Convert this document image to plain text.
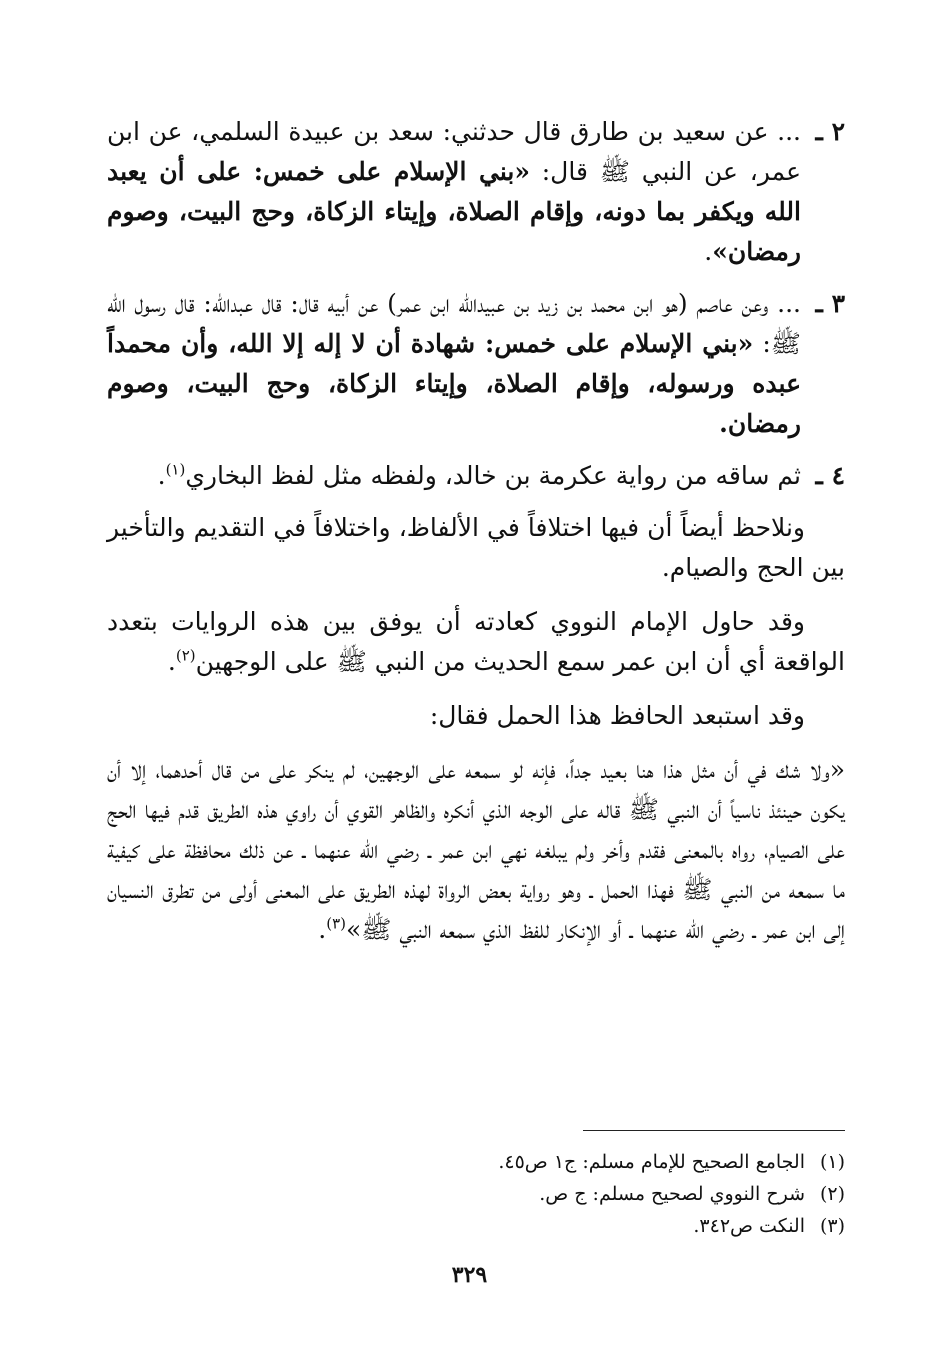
٢ ـ
... عن سعيد بن طارق قال حدثني: سعد بن عبيدة السلمي، عن ابن عمر، عن النبي ﷺ قال: «بني الإسلام على خمس: على أن يعبد الله ويكفر بما دونه، وإقام الصلاة، وإيتاء الزكاة، وحج البيت، وصوم رمضان».
٣ ـ
... وعن عاصم (هو ابن محمد بن زيد بن عبيدالله ابن عمر) عن أبيه قال: قال عبدالله: قال رسول الله ﷺ: «بني الإسلام على خمس: شهادة أن لا إله إلا الله، وأن محمداً عبده ورسوله، وإقام الصلاة، وإيتاء الزكاة، وحج البيت، وصوم رمضان.
٤ ـ
ثم ساقه من رواية عكرمة بن خالد، ولفظه مثل لفظ البخاري$^{(١)}$.

ونلاحظ أيضاً أن فيها اختلافاً في الألفاظ، واختلافاً في التقديم والتأخير بين الحج والصيام.

وقد حاول الإمام النووي كعادته أن يوفق بين هذه الروايات بتعدد الواقعة أي أن ابن عمر سمع الحديث من النبي ﷺ على الوجهين$^{(٢)}$.

وقد استبعد الحافظ هذا الحمل فقال:

«ولا شك في أن مثل هذا هنا بعيد جداً، فإنه لو سمعه على الوجهين، لم ينكر على من قال أحدهما، إلا أن يكون حينئذ ناسياً أن النبي ﷺ قاله على الوجه الذي أنكره والظاهر القوي أن راوي هذه الطريق قدم فيها الحج على الصيام، رواه بالمعنى فقدم وأخر ولم يبلغه نهي ابن عمر ـ رضي الله عنهما ـ عن ذلك محافظة على كيفية ما سمعه من النبي ﷺ فهذا الحمل ـ وهو رواية بعض الرواة لهذه الطريق على المعنى أولى من تطرق النسيان إلى ابن عمر ـ رضي الله عنهما ـ أو الإنكار للفظ الذي سمعه النبي ﷺ»$^{(٣)}$.

(١)
الجامع الصحيح للإمام مسلم: ج١ ص٤٥.
(٢)
شرح النووي لصحيح مسلم: ج ص.
(٣)
النكت ص٣٤٢.
٣٢٩
